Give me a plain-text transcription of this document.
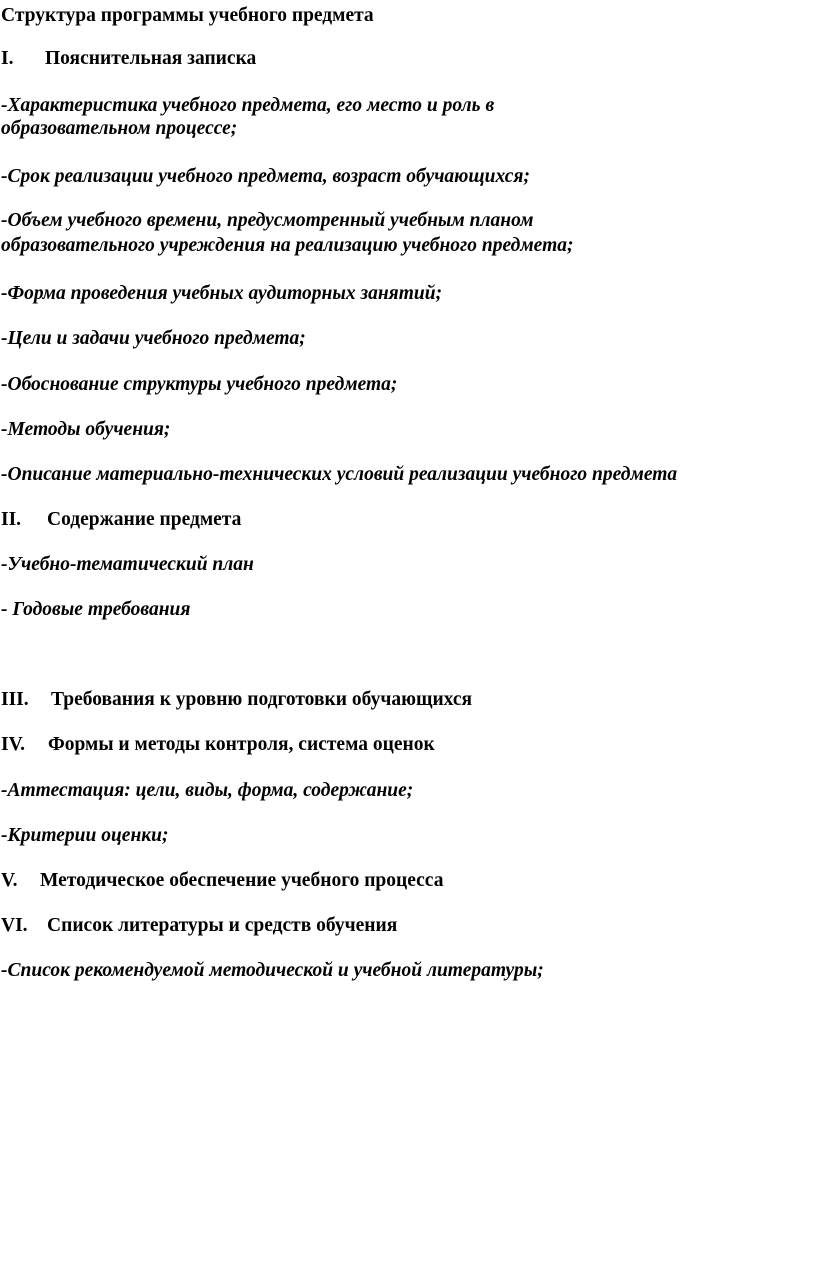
Структура программы учебного предмета
I. Пояснительная записка
-Характеристика учебного предмета, его место и роль в
образовательном процессе;
-Срок реализации учебного предмета, возраст обучающихся;
-Объем учебного времени, предусмотренный учебным планом
образовательного учреждения на реализацию учебного предмета;
-Форма проведения учебных аудиторных занятий;
-Цели и задачи учебного предмета;
-Обоснование структуры учебного предмета;
-Методы обучения;
-Описание материально-технических условий реализации учебного предмета
II. Содержание предмета
-Учебно-тематический план
- Годовые требования
III. Требования к уровню подготовки обучающихся
IV. Формы и методы контроля, система оценок
-Аттестация: цели, виды, форма, содержание;
-Критерии оценки;
V. Методическое обеспечение учебного процесса
VI. Список литературы и средств обучения
-Список рекомендуемой методической и учебной литературы;
